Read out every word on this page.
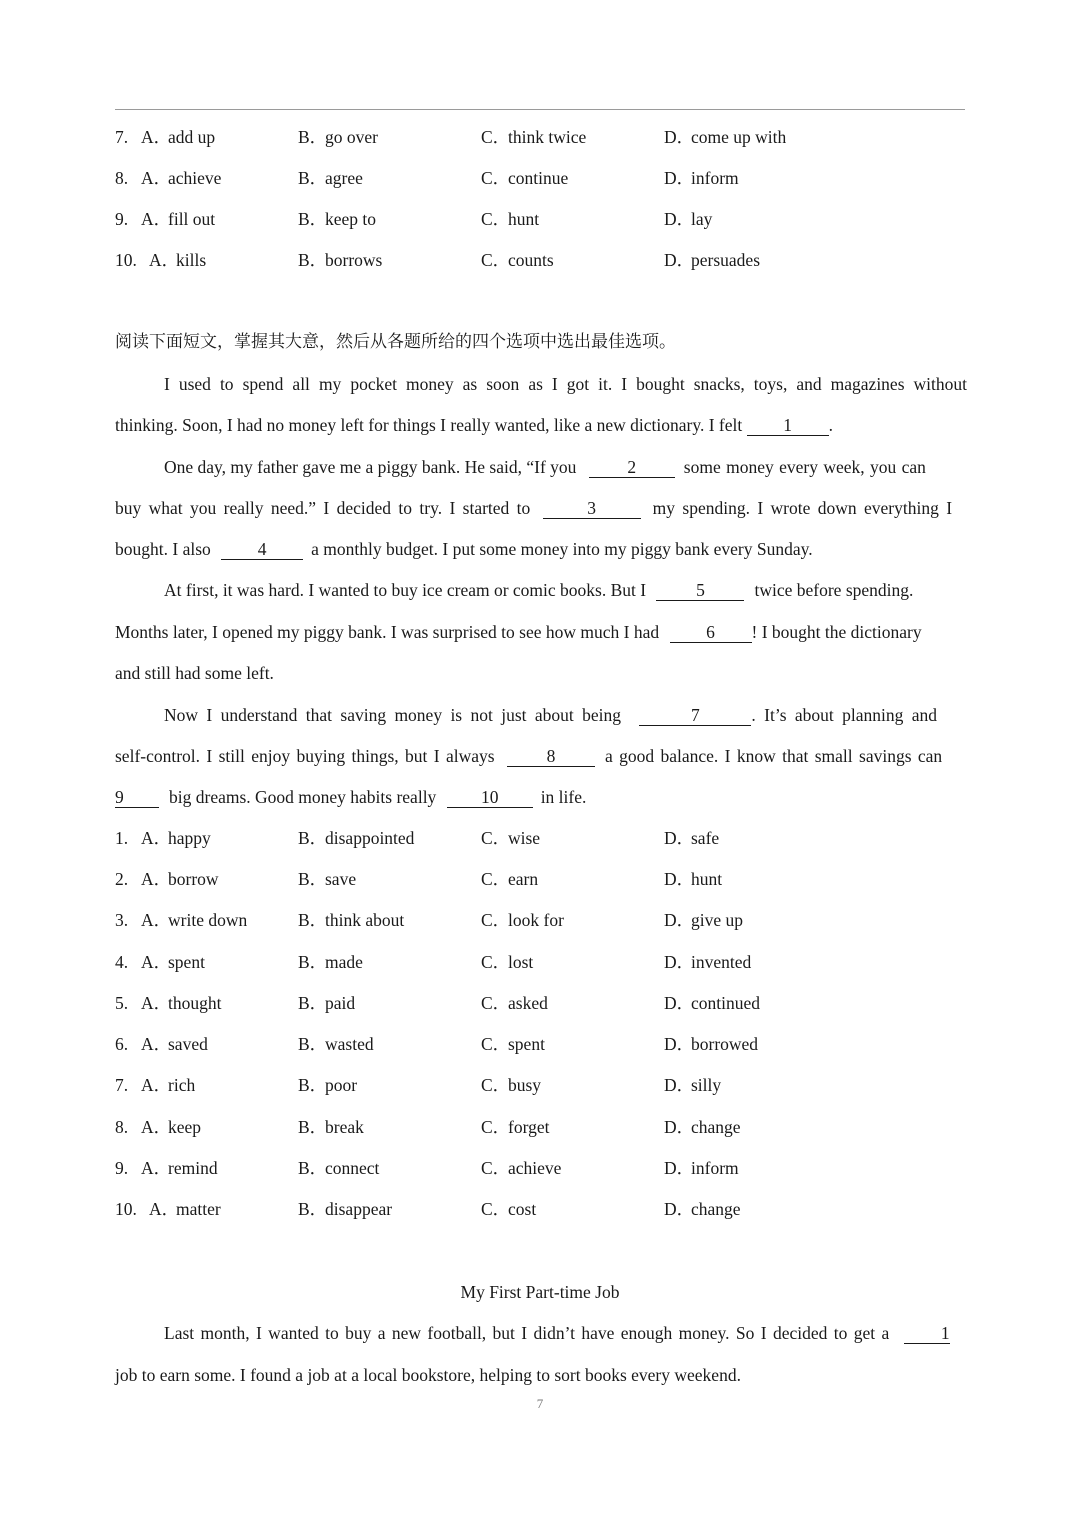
7. A．add up	B．go over	C．think twice	D．come up with
8. A．achieve	B．agree	C．continue	D．inform
9. A．fill out	B．keep to	C．hunt	D．lay
10. A．kills	B．borrows	C．counts	D．persuades
阅读下面短文，掌握其大意，然后从各题所给的四个选项中选出最佳选项。
I used to spend all my pocket money as soon as I got it. I bought snacks, toys, and magazines without
thinking. Soon, I had no money left for things I really wanted, like a new dictionary. I felt 1 .
One day, my father gave me a piggy bank. He said, “If you	2	some money every week, you can
buy what you really need.” I decided to try. I started to	3	my spending. I wrote down everything I
bought. I also	4	a monthly budget. I put some money into my piggy bank every Sunday.
At first, it was hard. I wanted to buy ice cream or comic books. But I	5	twice before spending.
Months later, I opened my piggy bank. I was surprised to see how much I had	6 ! I bought the dictionary
and still had some left.
Now I understand that saving money is not just about being	7	. It’s about planning and
self-control. I still enjoy buying things, but I always	8	a good balance. I know that small savings can
9	big dreams. Good money habits really	10 in life.
1. A．happy	B．disappointed	C．wise	D．safe
2. A．borrow	B．save	C．earn	D．hunt
3. A．write down	B．think about	C．look for	D．give up
4. A．spent	B．made	C．lost	D．invented
5. A．thought	B．paid	C．asked	D．continued
6. A．saved	B．wasted	C．spent	D．borrowed
7. A．rich	B．poor	C．busy	D．silly
8. A．keep	B．break	C．forget	D．change
9. A．remind	B．connect	C．achieve	D．inform
10. A．matter	B．disappear	C．cost	D．change
My First Part-time Job
Last month, I wanted to buy a new football, but I didn’t have enough money. So I decided to get a	1
job to earn some. I found a job at a local bookstore, helping to sort books every weekend.
7
